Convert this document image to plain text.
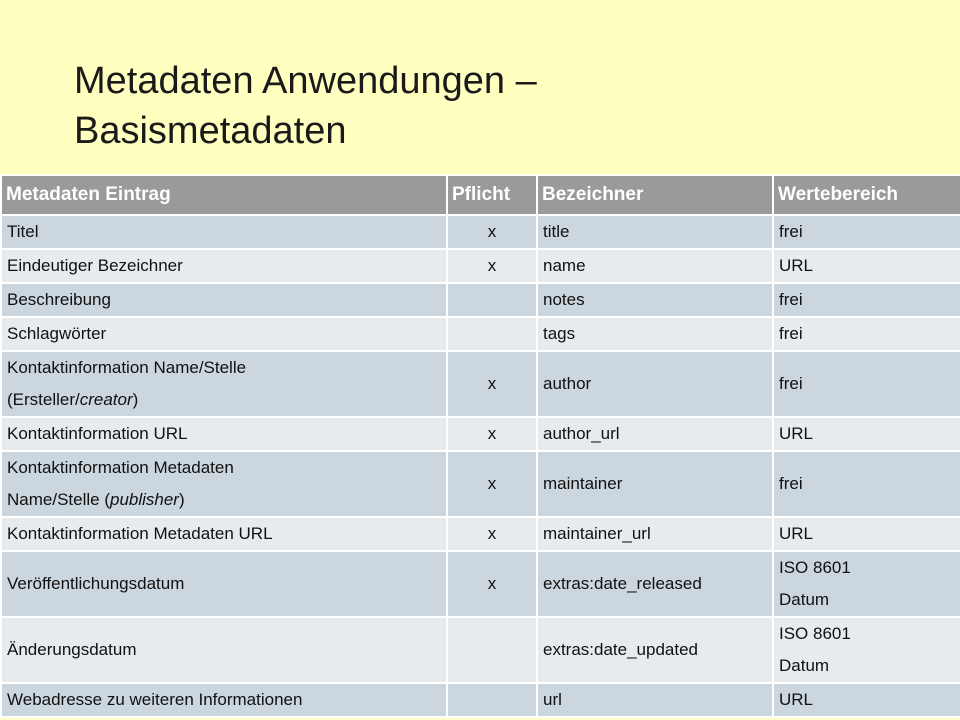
Metadaten Anwendungen –
Basismetadaten
Metadaten Eintrag	Pflicht	Bezeichner	Wertebereich
Titel	x	title	frei
Eindeutiger Bezeichner	x	name	URL
Beschreibung		notes	frei
Schlagwörter		tags	frei
Kontaktinformation Name/Stelle
(Ersteller/creator)	x	author	frei
Kontaktinformation URL	x	author_url	URL
Kontaktinformation Metadaten
Name/Stelle (publisher)	x	maintainer	frei
Kontaktinformation Metadaten URL	x	maintainer_url	URL
Veröffentlichungsdatum	x	extras:date_released	ISO 8601
Datum
Änderungsdatum		extras:date_updated	ISO 8601
Datum
Webadresse zu weiteren Informationen		url	URL
